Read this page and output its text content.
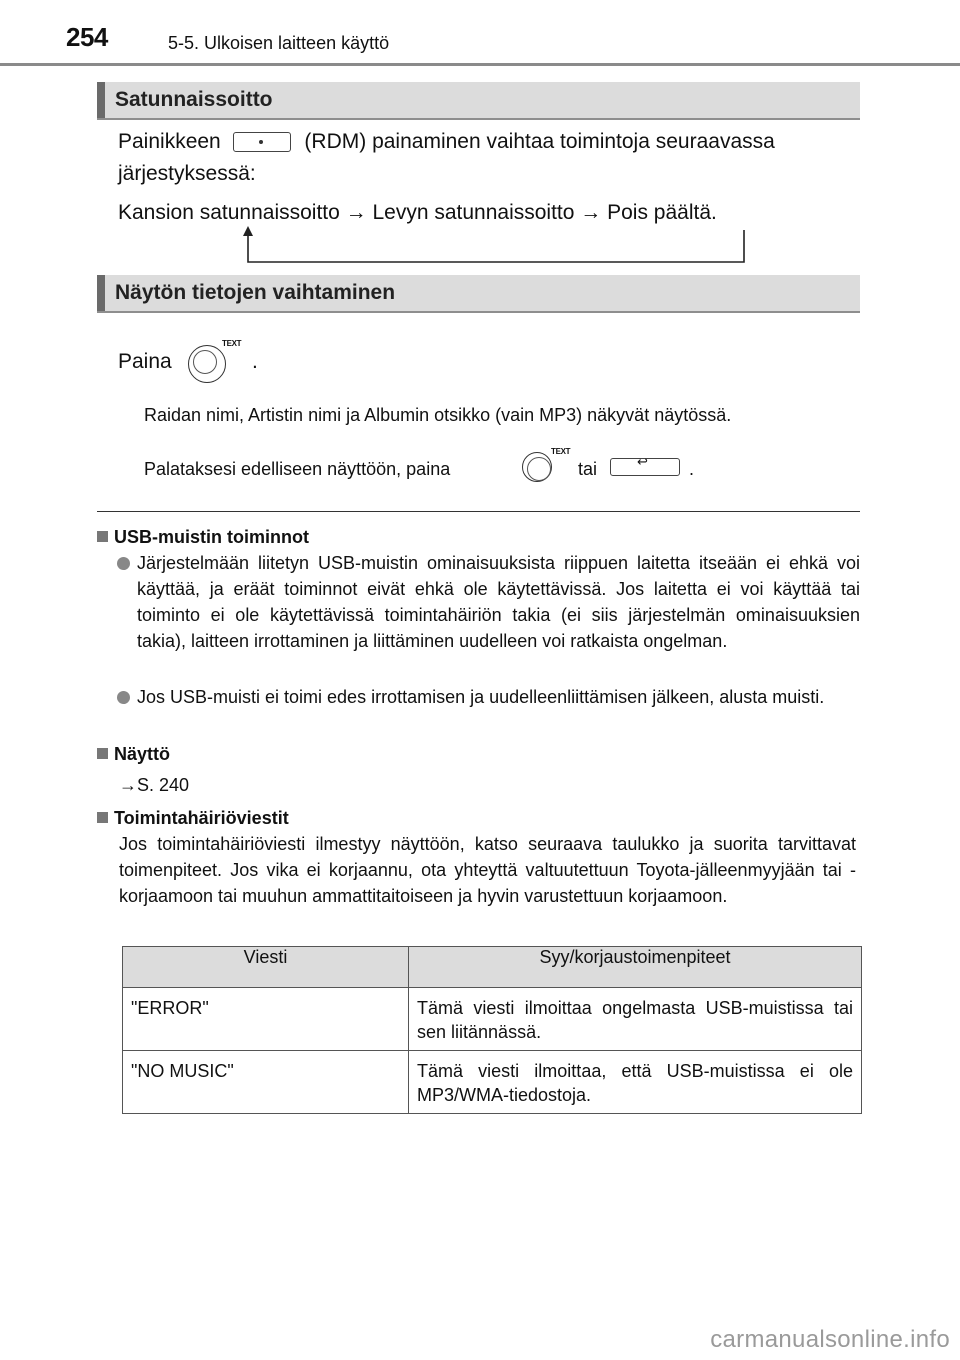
254	5-5. Ulkoisen laitteen käyttö
Satunnaissoitto
Painikkeen	(RDM) painaminen vaihtaa toimintoja seuraavassa
järjestyksessä:
Kansion satunnaissoitto → Levyn satunnaissoitto → Pois päältä.
Näytön tietojen vaihtaminen
Paina
TEXT
.
Raidan nimi, Artistin nimi ja Albumin otsikko (vain MP3) näkyvät näytössä.
Palataksesi edelliseen näyttöön, paina
TEXT
tai	↩ .
USB-muistin toiminnot
Järjestelmään liitetyn USB-muistin ominaisuuksista riippuen laitetta itseään ei ehkä voi käyttää, ja eräät toiminnot eivät ehkä ole käytettävissä. Jos laitetta ei voi käyttää tai toiminto ei ole käytettävissä toimintahäiriön takia (ei siis järjestelmän ominaisuuksien takia), laitteen irrottaminen ja liittäminen uudelleen voi ratkaista ongelman.
Jos USB-muisti ei toimi edes irrottamisen ja uudelleenliittämisen jälkeen, alusta muisti.
Näyttö
→S. 240
Toimintahäiriöviestit
Jos toimintahäiriöviesti ilmestyy näyttöön, katso seuraava taulukko ja suorita tarvittavat toimenpiteet. Jos vika ei korjaannu, ota yhteyttä valtuutettuun Toyota-jälleenmyyjään tai -korjaamoon tai muuhun ammattitaitoiseen ja hyvin varustettuun korjaamoon.
Viesti	Syy/korjaustoimenpiteet
"ERROR"	Tämä viesti ilmoittaa ongelmasta USB-muistissa tai sen liitännässä.
"NO MUSIC"	Tämä viesti ilmoittaa, että USB-muistissa ei ole MP3/WMA-tiedostoja.
carmanualsonline.info
